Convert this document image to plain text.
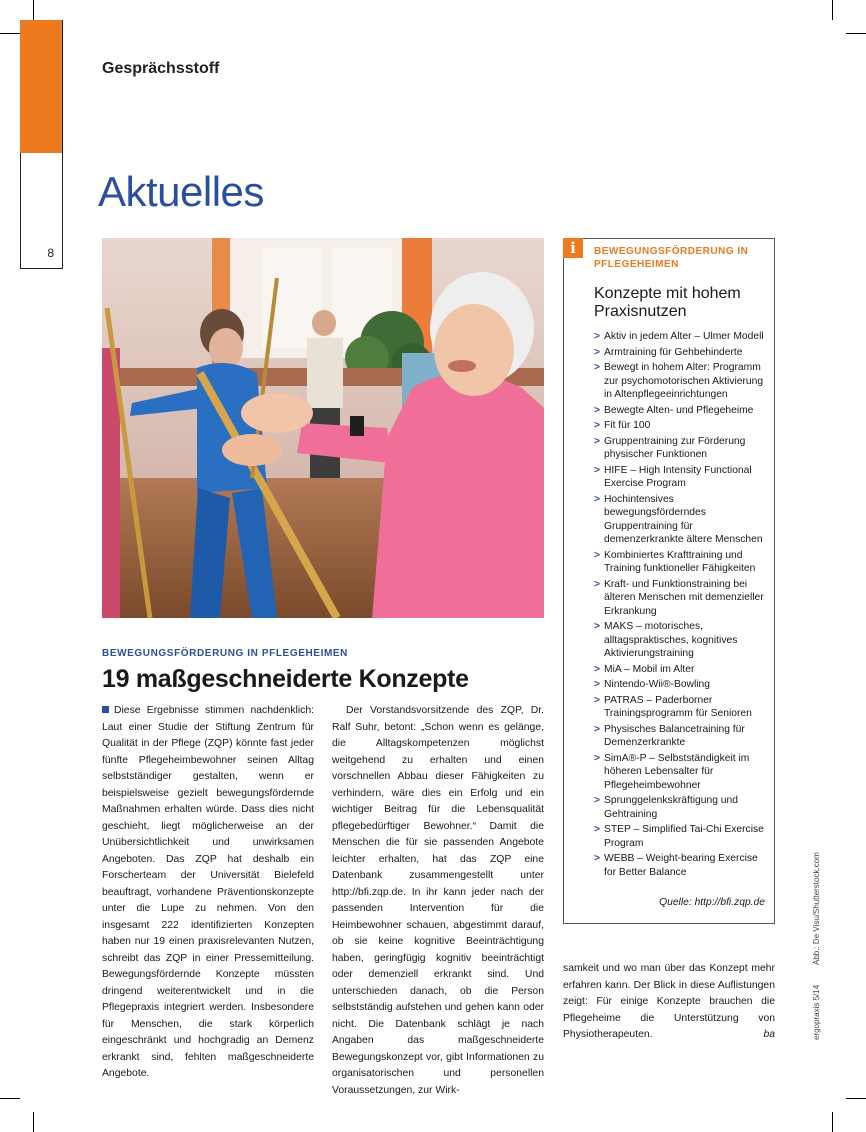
8
Gesprächsstoff
Aktuelles
BEWEGUNGSFÖRDERUNG IN PFLEGEHEIMEN
19 maßgeschneiderte Konzepte

Diese Ergebnisse stimmen nachdenklich: Laut einer Studie der Stiftung Zentrum für Qualität in der Pflege (ZQP) könnte fast jeder fünfte Pflegeheimbewohner seinen Alltag selbstständiger gestalten, wenn er beispielsweise gezielt bewegungsfördernde Maßnahmen erhalten würde. Dass dies nicht geschieht, liegt möglicherweise an der Unübersichtlichkeit und unwirksamen Angeboten. Das ZQP hat deshalb ein Forscherteam der Universität Bielefeld beauftragt, vorhandene Präventionskonzepte unter die Lupe zu nehmen. Von den insgesamt 222 identifizierten Konzepten haben nur 19 einen praxisrelevanten Nutzen, schreibt das ZQP in einer Pressemitteilung. Bewegungsfördernde Konzepte müssten dringend weiterentwickelt und in die Pflegepraxis integriert werden. Insbesondere für Menschen, die stark körperlich eingeschränkt und hochgradig an Demenz erkrankt sind, fehlten maßgeschneiderte Angebote.

Der Vorstandsvorsitzende des ZQP, Dr. Ralf Suhr, betont: „Schon wenn es gelänge, die Alltagskompetenzen möglichst weitgehend zu erhalten und einen vorschnellen Abbau dieser Fähigkeiten zu verhindern, wäre dies ein Erfolg und ein wichtiger Beitrag für die Lebensqualität pflegebedürftiger Bewohner.“ Damit die Menschen die für sie passenden Angebote leichter erhalten, hat das ZQP eine Datenbank zusammengestellt unter http://bfi.zqp.de. In ihr kann jeder nach der passenden Intervention für die Heimbewohner schauen, abgestimmt darauf, ob sie keine kognitive Beeinträchtigung haben, geringfügig kognitiv beeinträchtigt oder demenziell erkrankt sind. Und unterschieden danach, ob die Person selbstständig aufstehen und gehen kann oder nicht. Die Datenbank schlägt je nach Angaben das maßgeschneiderte Bewegungskonzept vor, gibt Informationen zu organisatorischen und personellen Voraussetzungen, zur Wirk-

samkeit und wo man über das Konzept mehr erfahren kann. Der Blick in diese Auflistungen zeigt: Für einige Konzepte brauchen die Pflegeheime die Unterstützung von Physiotherapeuten.	ba

i	BEWEGUNGSFÖRDERUNG IN PFLEGEHEIMEN
Konzepte mit hohem Praxisnutzen
> Aktiv in jedem Alter – Ulmer Modell
> Armtraining für Gehbehinderte
> Bewegt in hohem Alter: Programm zur psychomotorischen Aktivierung in Altenpflegeeinrichtungen
> Bewegte Alten- und Pflegeheime
> Fit für 100
> Gruppentraining zur Förderung physischer Funktionen
> HIFE – High Intensity Functional Exercise Program
> Hochintensives bewegungsförderndes Gruppentraining für demenzerkrankte ältere Menschen
> Kombiniertes Krafttraining und Training funktioneller Fähigkeiten
> Kraft- und Funktionstraining bei älteren Menschen mit demenzieller Erkrankung
> MAKS – motorisches, alltagspraktisches, kognitives Aktivierungstraining
> MiA – Mobil im Alter
> Nintendo-Wii®-Bowling
> PATRAS – Paderborner Trainingsprogramm für Senioren
> Physisches Balancetraining für Demenzerkrankte
> SimA®-P – Selbstständigkeit im höheren Lebensalter für Pflegeheimbewohner
> Sprunggelenkskräftigung und Gehtraining
> STEP – Simplified Tai-Chi Exercise Program
> WEBB – Weight-bearing Exercise for Better Balance
Quelle: http://bfi.zqp.de
ergopraxis 5/14
Abb.: De Visu/Shutterstock.com
